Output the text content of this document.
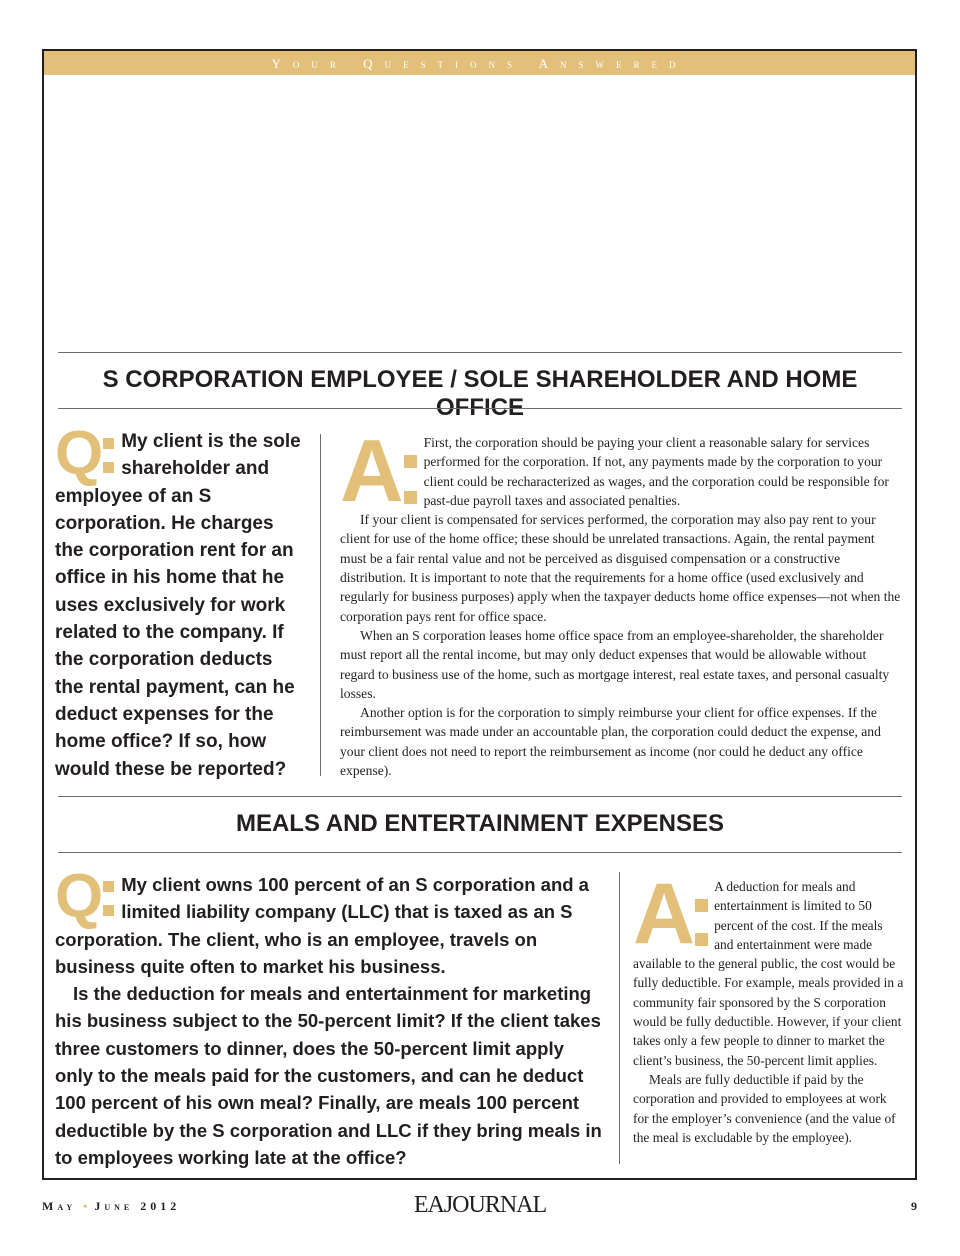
Your Questions Answered
S CORPORATION EMPLOYEE / SOLE SHAREHOLDER AND HOME OFFICE
Q My client is the sole shareholder and employee of an S corporation. He charges the corporation rent for an office in his home that he uses exclusively for work related to the company. If the corporation deducts the rental payment, can he deduct expenses for the home office? If so, how would these be reported?
A	First, the corporation should be paying your client a reasonable salary for services performed for the corporation. If not, any payments made by the corporation to your client could be recharacterized as wages, and the corporation could be responsible for past-due payroll taxes and associated penalties.

If your client is compensated for services performed, the corporation may also pay rent to your client for use of the home office; these should be unrelated transactions. Again, the rental payment must be a fair rental value and not be perceived as disguised compensation or a constructive distribution. It is important to note that the requirements for a home office (used exclusively and regularly for business purposes) apply when the taxpayer deducts home office expenses—not when the corporation pays rent for office space.

When an S corporation leases home office space from an employee-shareholder, the shareholder must report all the rental income, but may only deduct expenses that would be allowable without regard to business use of the home, such as mortgage interest, real estate taxes, and personal casualty losses.

Another option is for the corporation to simply reimburse your client for office expenses. If the reimbursement was made under an accountable plan, the corporation could deduct the expense, and your client does not need to report the reimbursement as income (nor could he deduct any office expense).

MEALS AND ENTERTAINMENT EXPENSES
Q My client owns 100 percent of an S corporation and a limited liability company (LLC) that is taxed as an S corporation. The client, who is an employee, travels on business quite often to market his business.
Is the deduction for meals and entertainment for marketing his business subject to the 50-percent limit? If the client takes three customers to dinner, does the 50-percent limit apply only to the meals paid for the customers, and can he deduct 100 percent of his own meal? Finally, are meals 100 percent deductible by the S corporation and LLC if they bring meals in to employees working late at the office?
A	A deduction for meals and entertainment is limited to 50 percent of the cost. If the meals and entertainment were made available to the general public, the cost would be fully deductible. For example, meals provided in a community fair sponsored by the S corporation would be fully deductible. However, if your client takes only a few people to dinner to market the client’s business, the 50-percent limit applies.

Meals are fully deductible if paid by the corporation and provided to employees at work for the employer’s convenience (and the value of the meal is excludable by the employee).

May • June 2012	EAJOURNAL	9
